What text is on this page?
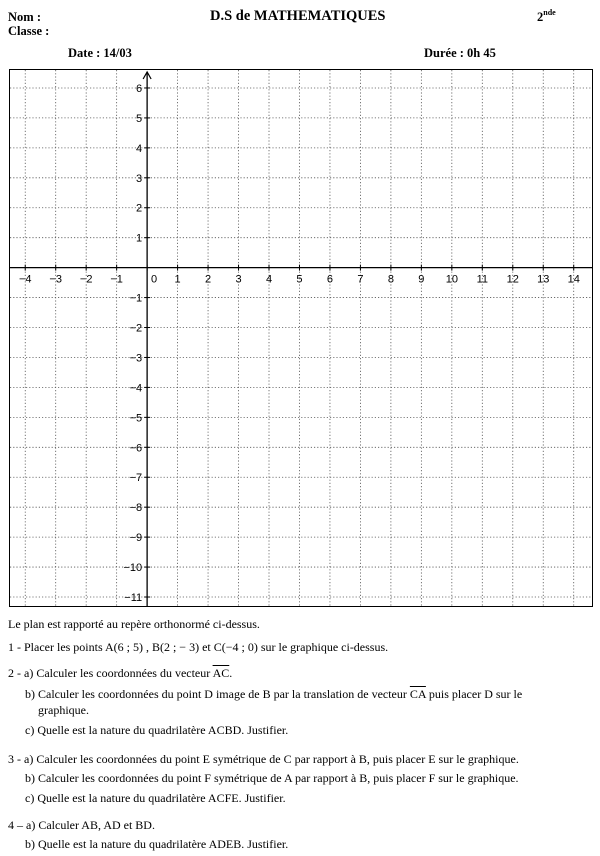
Nom :
Classe :
D.S de MATHEMATIQUES	2nde
Date : 14/03	Durée : 0h 45
−4 −3 −2 −1	0 1 2 3 4 5 6 7 8 9 10 11 12 13 14
6
5
4
3
2
1
−1
−2
−3
−4
−5
−6
−7
−8
−9
−10
−11
Le plan est rapporté au repère orthonormé ci-dessus.
1 - Placer les points A(6 ; 5) , B(2 ; − 3) et C(−4 ; 0) sur le graphique ci-dessus.
2 - a) Calculer les coordonnées du vecteur $\overline{AC}$.
b) Calculer les coordonnées du point D image de B par la translation de vecteur $\overline{CA}$ puis placer D sur le
graphique.
c) Quelle est la nature du quadrilatère ACBD. Justifier.
3 - a) Calculer les coordonnées du point E symétrique de C par rapport à B, puis placer E sur le graphique.
b) Calculer les coordonnées du point F symétrique de A par rapport à B, puis placer F sur le graphique.
c) Quelle est la nature du quadrilatère ACFE. Justifier.
4 – a) Calculer AB, AD et BD.
b) Quelle est la nature du quadrilatère ADEB. Justifier.
